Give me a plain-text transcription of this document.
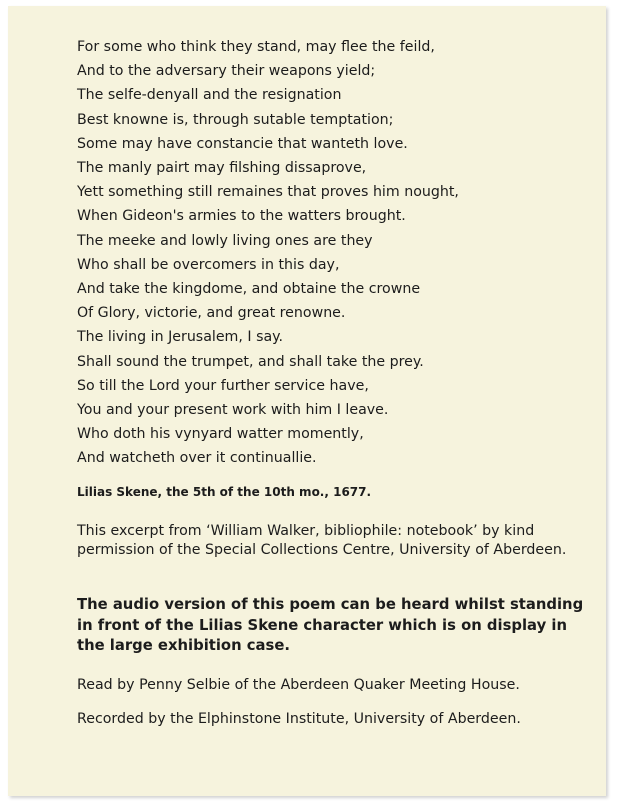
For some who think they stand, may flee the feild,
And to the adversary their weapons yield;
The selfe-denyall and the resignation
Best knowne is, through sutable temptation;
Some may have constancie that wanteth love.
The manly pairt may filshing dissaprove,
Yett something still remaines that proves him nought,
When Gideon's armies to the watters brought.
The meeke and lowly living ones are they
Who shall be overcomers in this day,
And take the kingdome, and obtaine the crowne
Of Glory, victorie, and great renowne.
The living in Jerusalem, I say.
Shall sound the trumpet, and shall take the prey.
So till the Lord your further service have,
You and your present work with him I leave.
Who doth his vynyard watter momently,
And watcheth over it continuallie.
Lilias Skene, the 5th of the 10th mo., 1677.

This excerpt from ‘William Walker, bibliophile: notebook’ by kind permission of the Special Collections Centre, University of Aberdeen.

The audio version of this poem can be heard whilst standing in front of the Lilias Skene character which is on display in the large exhibition case.

Read by Penny Selbie of the Aberdeen Quaker Meeting House.
Recorded by the Elphinstone Institute, University of Aberdeen.
